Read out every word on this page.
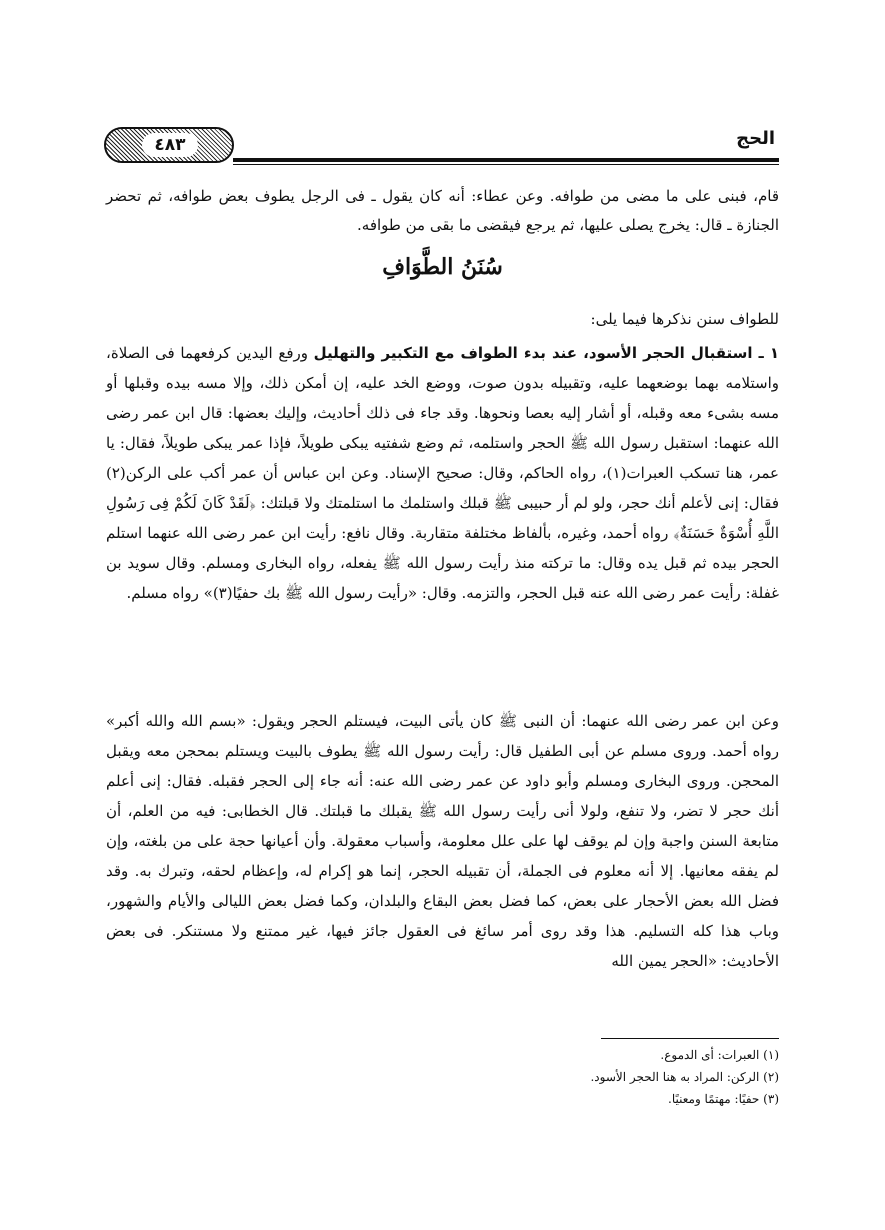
الحج
٤٨٣
قام، فبنى على ما مضى من طوافه. وعن عطاء: أنه كان يقول ـ فى الرجل يطوف بعض طوافه، ثم تحضر الجنازة ـ قال: يخرج يصلى عليها، ثم يرجع فيقضى ما بقى من طوافه.
سُنَنُ الطَّوَافِ
للطواف سنن نذكرها فيما يلى:
١ ـ استقبال الحجر الأسود، عند بدء الطواف مع التكبير والتهليل ورفع اليدين كرفعهما فى الصلاة، واستلامه بهما بوضعهما عليه، وتقبيله بدون صوت، ووضع الخد عليه، إن أمكن ذلك، وإلا مسه بيده وقبلها أو مسه بشىء معه وقبله، أو أشار إليه بعصا ونحوها. وقد جاء فى ذلك أحاديث، وإليك بعضها: قال ابن عمر رضى الله عنهما: استقبل رسول الله ﷺ الحجر واستلمه، ثم وضع شفتيه يبكى طويلاً، فإذا عمر يبكى طويلاً، فقال: يا عمر، هنا تسكب العبرات(١)، رواه الحاكم، وقال: صحيح الإسناد. وعن ابن عباس أن عمر أكب على الركن(٢) فقال: إنى لأعلم أنك حجر، ولو لم أر حبيبى ﷺ قبلك واستلمك ما استلمتك ولا قبلتك: ﴿لَقَدْ كَانَ لَكُمْ فِى رَسُولِ اللَّهِ أُسْوَةٌ حَسَنَةٌ﴾ رواه أحمد، وغيره، بألفاظ مختلفة متقاربة. وقال نافع: رأيت ابن عمر رضى الله عنهما استلم الحجر بيده ثم قبل يده وقال: ما تركته منذ رأيت رسول الله ﷺ يفعله، رواه البخارى ومسلم. وقال سويد بن غفلة: رأيت عمر رضى الله عنه قبل الحجر، والتزمه. وقال: «رأيت رسول الله ﷺ بك حفيًا(٣)» رواه مسلم.
وعن ابن عمر رضى الله عنهما: أن النبى ﷺ كان يأتى البيت، فيستلم الحجر ويقول: «بسم الله والله أكبر» رواه أحمد. وروى مسلم عن أبى الطفيل قال: رأيت رسول الله ﷺ يطوف بالبيت ويستلم بمحجن معه ويقبل المحجن. وروى البخارى ومسلم وأبو داود عن عمر رضى الله عنه: أنه جاء إلى الحجر فقبله. فقال: إنى أعلم أنك حجر لا تضر، ولا تنفع، ولولا أنى رأيت رسول الله ﷺ يقبلك ما قبلتك. قال الخطابى: فيه من العلم، أن متابعة السنن واجبة وإن لم يوقف لها على علل معلومة، وأسباب معقولة. وأن أعيانها حجة على من بلغته، وإن لم يفقه معانيها. إلا أنه معلوم فى الجملة، أن تقبيله الحجر، إنما هو إكرام له، وإعظام لحقه، وتبرك به. وقد فضل الله بعض الأحجار على بعض، كما فضل بعض البقاع والبلدان، وكما فضل بعض الليالى والأيام والشهور، وباب هذا كله التسليم. هذا وقد روى أمر سائغ فى العقول جائز فيها، غير ممتنع ولا مستنكر. فى بعض الأحاديث: «الحجر يمين الله
(١) العبرات: أى الدموع.
(٢) الركن: المراد به هنا الحجر الأسود.
(٣) حفيًا: مهتمًا ومعنيًا.
